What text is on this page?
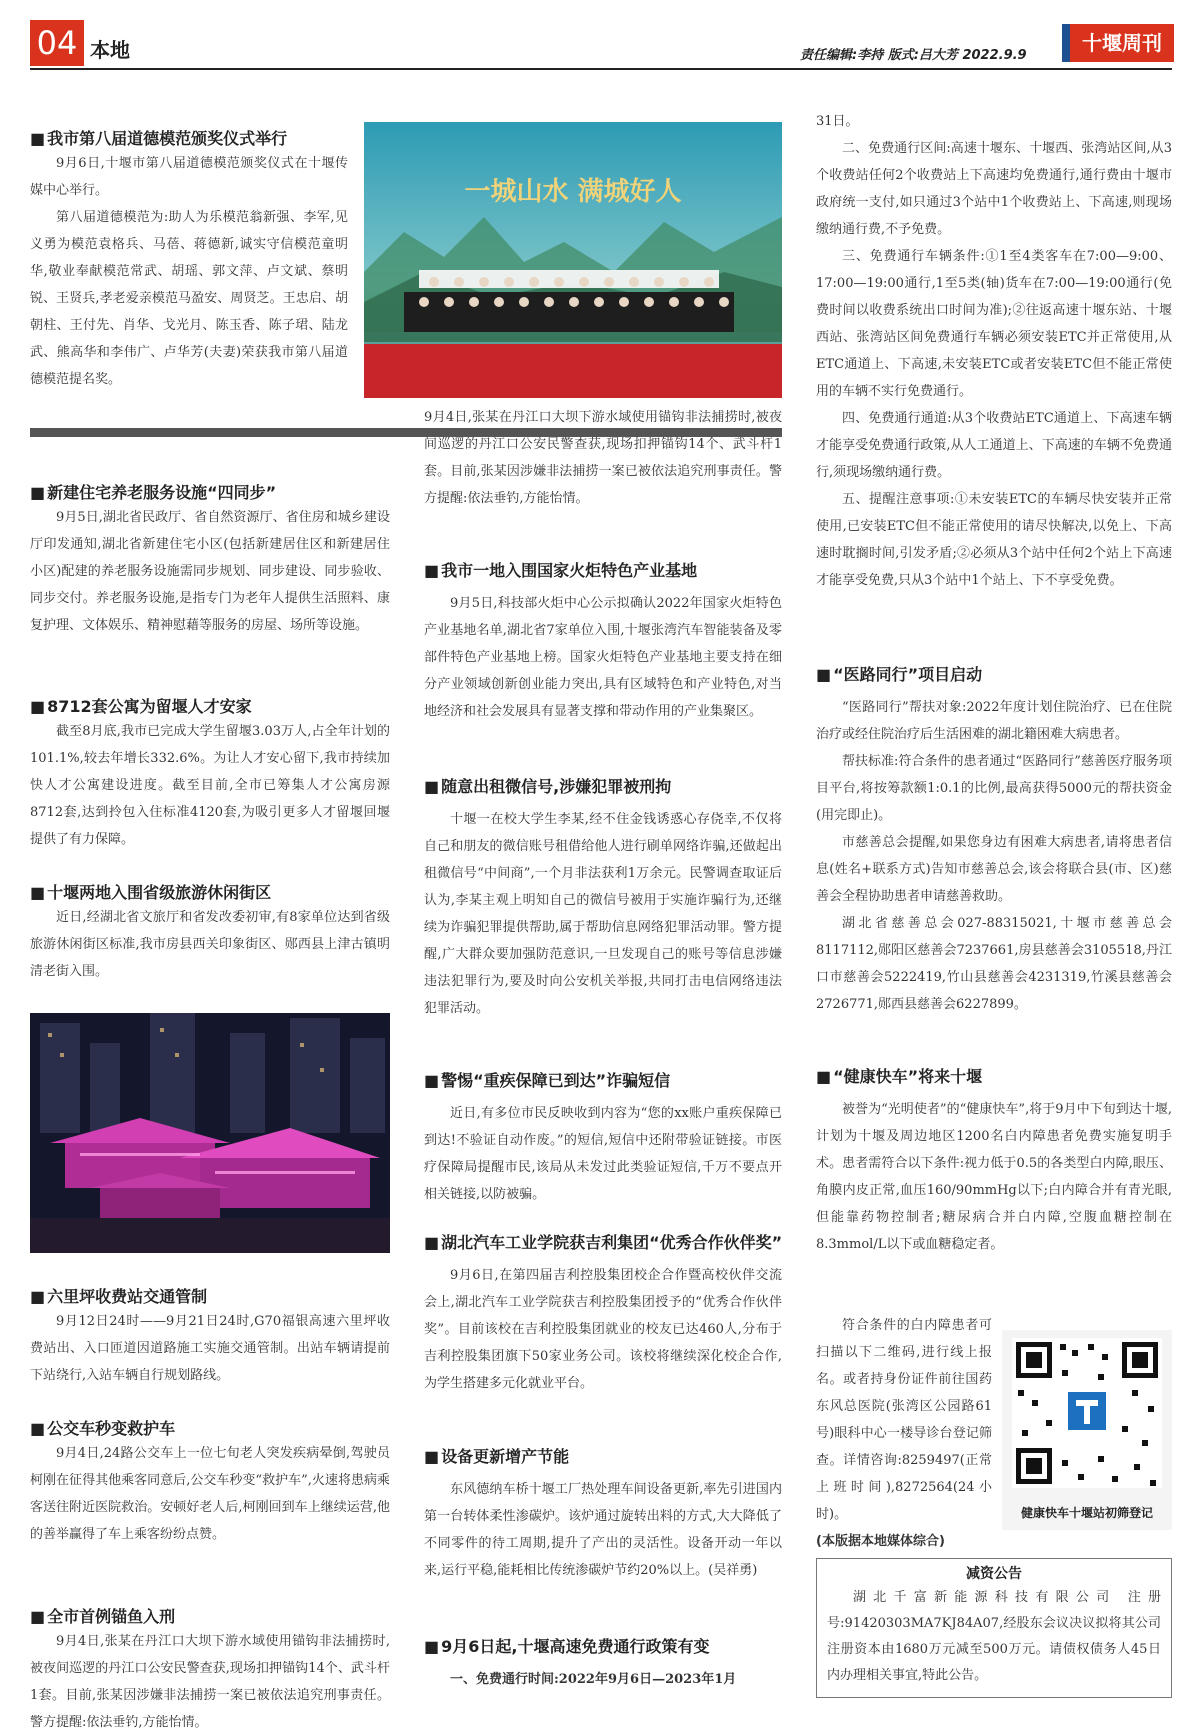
04 本地	责任编辑:李持 版式:吕大芳 2022.9.9
十堰周刊
■ 我市第八届道德模范颁奖仪式举行

9月6日,十堰市第八届道德模范颁奖仪式在十堰传媒中心举行。

第八届道德模范为:助人为乐模范翁新强、李军,见义勇为模范袁格兵、马蓓、蒋德新,诚实守信模范童明华,敬业奉献模范常武、胡瑶、郭文萍、卢文斌、蔡明锐、王贤兵,孝老爱亲模范马盈安、周贤芝。王忠启、胡朝柱、王付先、肖华、戈光月、陈玉香、陈子珺、陆龙武、熊高华和李伟广、卢华芳(夫妻)荣获我市第八届道德模范提名奖。

一城山水 满城好人
■ 新建住宅养老服务设施“四同步”

9月5日,湖北省民政厅、省自然资源厅、省住房和城乡建设厅印发通知,湖北省新建住宅小区(包括新建居住区和新建居住小区)配建的养老服务设施需同步规划、同步建设、同步验收、同步交付。养老服务设施,是指专门为老年人提供生活照料、康复护理、文体娱乐、精神慰藉等服务的房屋、场所等设施。

■ 8712套公寓为留堰人才安家

截至8月底,我市已完成大学生留堰3.03万人,占全年计划的101.1%,较去年增长332.6%。为让人才安心留下,我市持续加快人才公寓建设进度。截至目前,全市已筹集人才公寓房源8712套,达到拎包入住标准4120套,为吸引更多人才留堰回堰提供了有力保障。

■ 十堰两地入围省级旅游休闲街区

近日,经湖北省文旅厅和省发改委初审,有8家单位达到省级旅游休闲街区标准,我市房县西关印象街区、郧西县上津古镇明清老街入围。

■ 六里坪收费站交通管制

9月12日24时——9月21日24时,G70福银高速六里坪收费站出、入口匝道因道路施工实施交通管制。出站车辆请提前下站绕行,入站车辆自行规划路线。

■ 公交车秒变救护车

9月4日,24路公交车上一位七旬老人突发疾病晕倒,驾驶员柯刚在征得其他乘客同意后,公交车秒变“救护车”,火速将患病乘客送往附近医院救治。安顿好老人后,柯刚回到车上继续运营,他的善举赢得了车上乘客纷纷点赞。

■ 全市首例锚鱼入刑

9月4日,张某在丹江口大坝下游水域使用锚钩非法捕捞时,被夜间巡逻的丹江口公安民警查获,现场扣押锚钩14个、武斗杆1套。目前,张某因涉嫌非法捕捞一案已被依法追究刑事责任。警方提醒:依法垂钓,方能怡情。

9月4日,张某在丹江口大坝下游水域使用锚钩非法捕捞时,被夜间巡逻的丹江口公安民警查获,现场扣押锚钩14个、武斗杆1套。目前,张某因涉嫌非法捕捞一案已被依法追究刑事责任。警方提醒:依法垂钓,方能怡情。

■ 我市一地入围国家火炬特色产业基地

9月5日,科技部火炬中心公示拟确认2022年国家火炬特色产业基地名单,湖北省7家单位入围,十堰张湾汽车智能装备及零部件特色产业基地上榜。国家火炬特色产业基地主要支持在细分产业领域创新创业能力突出,具有区域特色和产业特色,对当地经济和社会发展具有显著支撑和带动作用的产业集聚区。

■ 随意出租微信号,涉嫌犯罪被刑拘

十堰一在校大学生李某,经不住金钱诱惑心存侥幸,不仅将自己和朋友的微信账号租借给他人进行刷单网络诈骗,还做起出租微信号“中间商”,一个月非法获利1万余元。民警调查取证后认为,李某主观上明知自己的微信号被用于实施诈骗行为,还继续为诈骗犯罪提供帮助,属于帮助信息网络犯罪活动罪。警方提醒,广大群众要加强防范意识,一旦发现自己的账号等信息涉嫌违法犯罪行为,要及时向公安机关举报,共同打击电信网络违法犯罪活动。

■ 警惕“重疾保障已到达”诈骗短信

近日,有多位市民反映收到内容为“您的xx账户重疾保障已到达!不验证自动作废。”的短信,短信中还附带验证链接。市医疗保障局提醒市民,该局从未发过此类验证短信,千万不要点开相关链接,以防被骗。

■ 湖北汽车工业学院获吉利集团“优秀合作伙伴奖”

9月6日,在第四届吉利控股集团校企合作暨高校伙伴交流会上,湖北汽车工业学院获吉利控股集团授予的“优秀合作伙伴奖”。目前该校在吉利控股集团就业的校友已达460人,分布于吉利控股集团旗下50家业务公司。该校将继续深化校企合作,为学生搭建多元化就业平台。

■ 设备更新增产节能

东风德纳车桥十堰工厂热处理车间设备更新,率先引进国内第一台转体柔性渗碳炉。该炉通过旋转出料的方式,大大降低了不同零件的待工周期,提升了产出的灵活性。设备开动一年以来,运行平稳,能耗相比传统渗碳炉节约20%以上。(吴祥勇)

■ 9月6日起,十堰高速免费通行政策有变

一、免费通行时间:2022年9月6日—2023年1月

31日。

二、免费通行区间:高速十堰东、十堰西、张湾站区间,从3个收费站任何2个收费站上下高速均免费通行,通行费由十堰市政府统一支付,如只通过3个站中1个收费站上、下高速,则现场缴纳通行费,不予免费。

三、免费通行车辆条件:①1至4类客车在7:00—9:00、17:00—19:00通行,1至5类(轴)货车在7:00—19:00通行(免费时间以收费系统出口时间为准);②往返高速十堰东站、十堰西站、张湾站区间免费通行车辆必须安装ETC并正常使用,从ETC通道上、下高速,未安装ETC或者安装ETC但不能正常使用的车辆不实行免费通行。

四、免费通行通道:从3个收费站ETC通道上、下高速车辆才能享受免费通行政策,从人工通道上、下高速的车辆不免费通行,须现场缴纳通行费。

五、提醒注意事项:①未安装ETC的车辆尽快安装并正常使用,已安装ETC但不能正常使用的请尽快解决,以免上、下高速时耽搁时间,引发矛盾;②必须从3个站中任何2个站上下高速才能享受免费,只从3个站中1个站上、下不享受免费。

■ “医路同行”项目启动

“医路同行”帮扶对象:2022年度计划住院治疗、已在住院治疗或经住院治疗后生活困难的湖北籍困难大病患者。

帮扶标准:符合条件的患者通过“医路同行”慈善医疗服务项目平台,将按筹款额1:0.1的比例,最高获得5000元的帮扶资金(用完即止)。

市慈善总会提醒,如果您身边有困难大病患者,请将患者信息(姓名+联系方式)告知市慈善总会,该会将联合县(市、区)慈善会全程协助患者申请慈善救助。

湖北省慈善总会027-88315021,十堰市慈善总会8117112,郧阳区慈善会7237661,房县慈善会3105518,丹江口市慈善会5222419,竹山县慈善会4231319,竹溪县慈善会2726771,郧西县慈善会6227899。

■ “健康快车”将来十堰

被誉为“光明使者”的“健康快车”,将于9月中下旬到达十堰,计划为十堰及周边地区1200名白内障患者免费实施复明手术。患者需符合以下条件:视力低于0.5的各类型白内障,眼压、角膜内皮正常,血压160/90mmHg以下;白内障合并有青光眼,但能靠药物控制者;糖尿病合并白内障,空腹血糖控制在8.3mmol/L以下或血糖稳定者。

符合条件的白内障患者可扫描以下二维码,进行线上报名。或者持身份证件前往国药东风总医院(张湾区公园路61号)眼科中心一楼导诊台登记筛查。详情咨询:8259497(正常上班时间),8272564(24小时)。

(本版据本地媒体综合)

健康快车十堰站初筛登记
减资公告

湖北千富新能源科技有限公司 注册号:91420303MA7KJ84A07,经股东会议决议拟将其公司注册资本由1680万元减至500万元。请债权债务人45日内办理相关事宜,特此公告。
